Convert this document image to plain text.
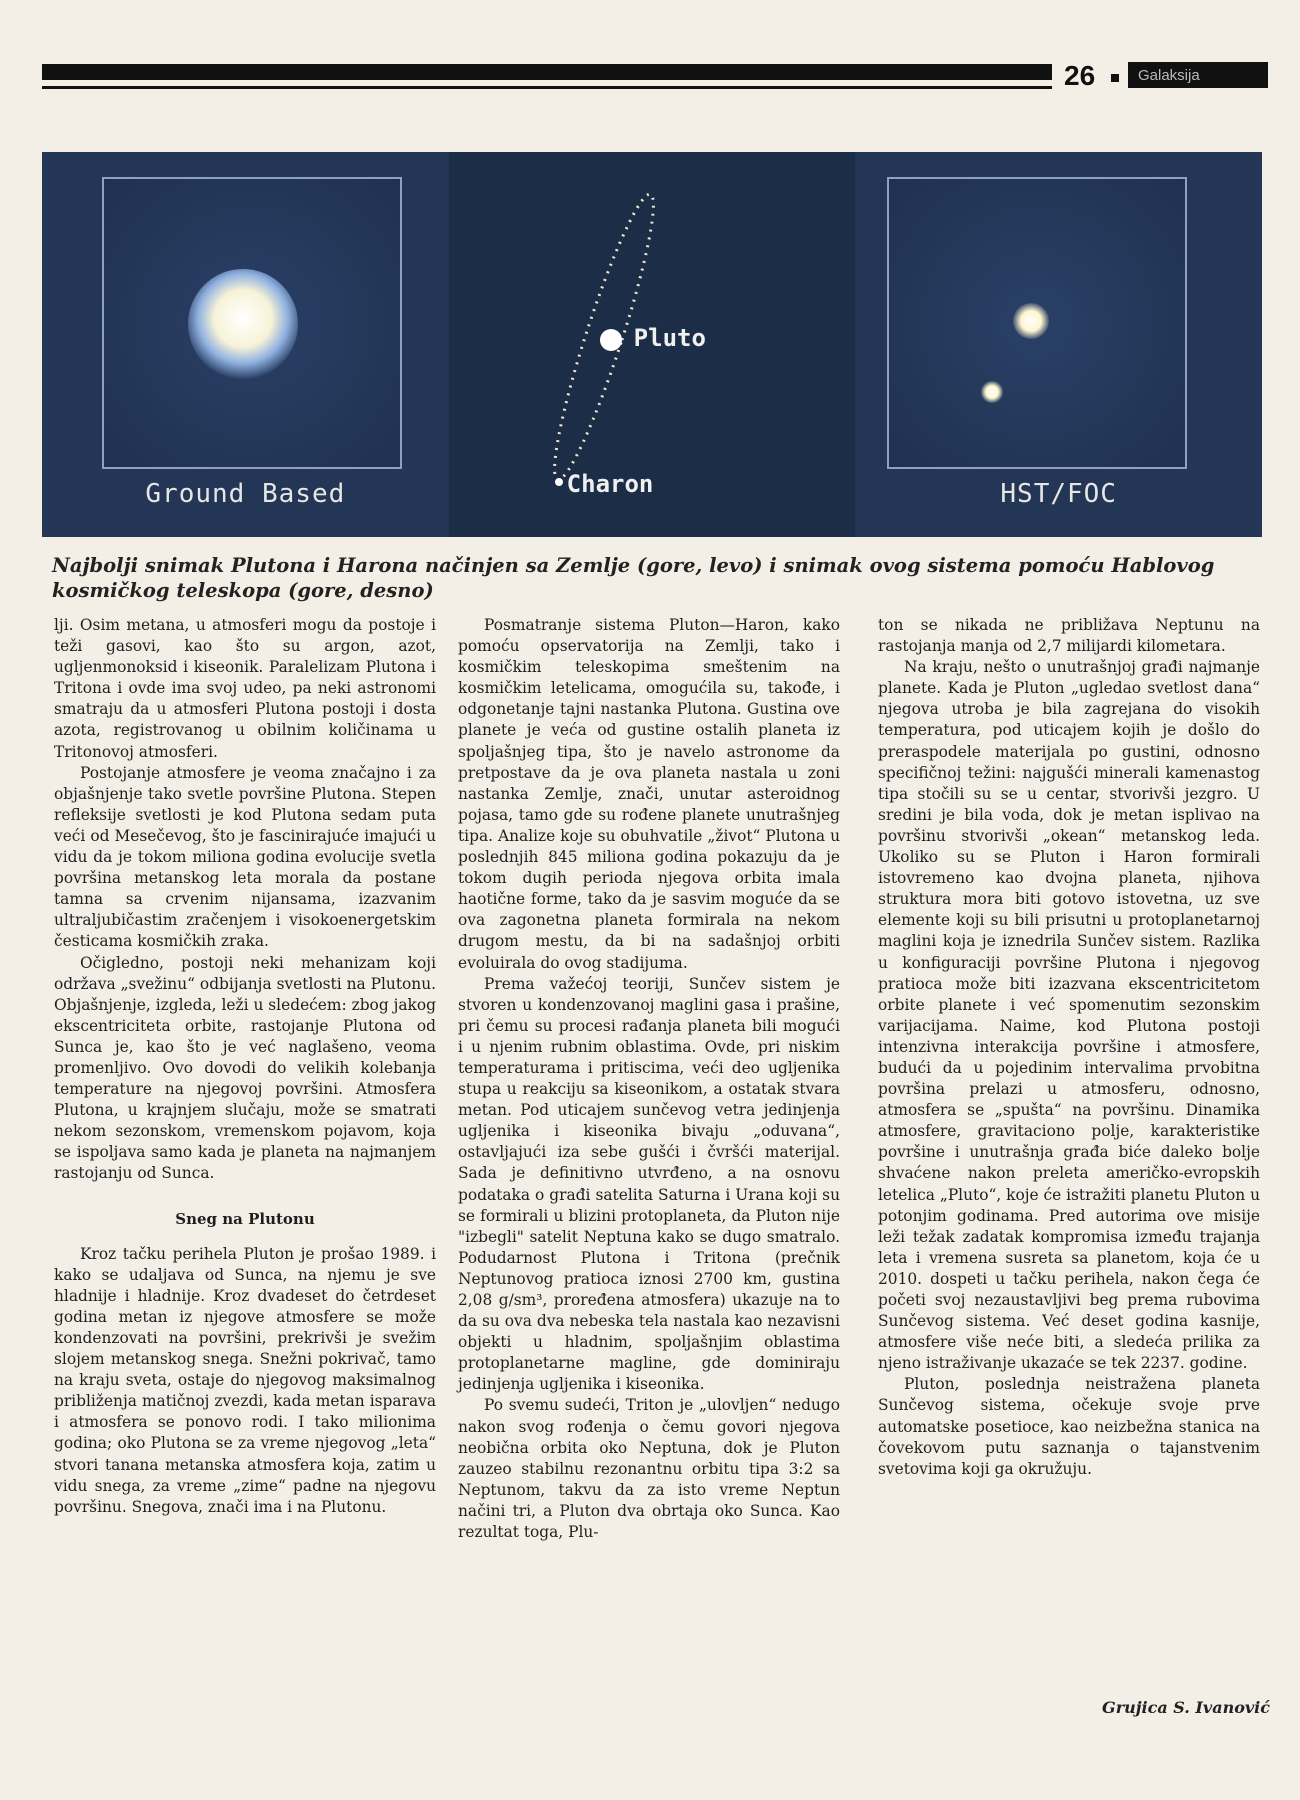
26	Galaksija
Ground Based
Pluto
Charon	HST/FOC
Najbolji snimak Plutona i Harona načinjen sa Zemlje (gore, levo) i snimak ovog sistema pomoću Hablovog kosmičkog teleskopa (gore, desno)

lji. Osim metana, u atmosferi mogu da postoje i teži gasovi, kao što su argon, azot, ugljenmonoksid i kiseonik. Paralelizam Plutona i Tritona i ovde ima svoj udeo, pa neki astronomi smatraju da u atmosferi Plutona postoji i dosta azota, registrovanog u obilnim količinama u Tritonovoj atmosferi.

Postojanje atmosfere je veoma značajno i za objašnjenje tako svetle površine Plutona. Stepen refleksije svetlosti je kod Plutona sedam puta veći od Mesečevog, što je fascinirajuće imajući u vidu da je tokom miliona godina evolucije svetla površina metanskog leta morala da postane tamna sa crvenim nijansama, izazvanim ultraljubičastim zračenjem i visokoenergetskim česticama kosmičkih zraka.

Očigledno, postoji neki mehanizam koji održava „svežinu“ odbijanja svetlosti na Plutonu. Objašnjenje, izgleda, leži u sledećem: zbog jakog ekscentriciteta orbite, rastojanje Plutona od Sunca je, kao što je već naglašeno, veoma promenljivo. Ovo dovodi do velikih kolebanja temperature na njegovoj površini. Atmosfera Plutona, u krajnjem slučaju, može se smatrati nekom sezonskom, vremenskom pojavom, koja se ispoljava samo kada je planeta na najmanjem rastojanju od Sunca.

Sneg na Plutonu

Kroz tačku perihela Pluton je prošao 1989. i kako se udaljava od Sunca, na njemu je sve hladnije i hladnije. Kroz dvadeset do četrdeset godina metan iz njegove atmosfere se može kondenzovati na površini, prekrivši je svežim slojem metanskog snega. Snežni pokrivač, tamo na kraju sveta, ostaje do njegovog maksimalnog približenja matičnoj zvezdi, kada metan isparava i atmosfera se ponovo rodi. I tako milionima godina; oko Plutona se za vreme njegovog „leta“ stvori tanana metanska atmosfera koja, zatim u vidu snega, za vreme „zime“ padne na njegovu površinu. Snegova, znači ima i na Plutonu.

Posmatranje sistema Pluton—Haron, kako pomoću opservatorija na Zemlji, tako i kosmičkim teleskopima smeštenim na kosmičkim letelicama, omogućila su, takođe, i odgonetanje tajni nastanka Plutona. Gustina ove planete je veća od gustine ostalih planeta iz spoljašnjeg tipa, što je navelo astronome da pretpostave da je ova planeta nastala u zoni nastanka Zemlje, znači, unutar asteroidnog pojasa, tamo gde su rođene planete unutrašnjeg tipa. Analize koje su obuhvatile „život“ Plutona u poslednjih 845 miliona godina pokazuju da je tokom dugih perioda njegova orbita imala haotične forme, tako da je sasvim moguće da se ova zagonetna planeta formirala na nekom drugom mestu, da bi na sadašnjoj orbiti evoluirala do ovog stadijuma.

Prema važećoj teoriji, Sunčev sistem je stvoren u kondenzovanoj maglini gasa i prašine, pri čemu su procesi rađanja planeta bili mogući i u njenim rubnim oblastima. Ovde, pri niskim temperaturama i pritiscima, veći deo ugljenika stupa u reakciju sa kiseonikom, a ostatak stvara metan. Pod uticajem sunčevog vetra jedinjenja ugljenika i kiseonika bivaju „oduvana“, ostavljajući iza sebe gušći i čvršći materijal. Sada je definitivno utvrđeno, a na osnovu podataka o građi satelita Saturna i Urana koji su se formirali u blizini protoplaneta, da Pluton nije "izbegli" satelit Neptuna kako se dugo smatralo. Podudarnost Plutona i Tritona (prečnik Neptunovog pratioca iznosi 2700 km, gustina 2,08 g/sm³, proređena atmosfera) ukazuje na to da su ova dva nebeska tela nastala kao nezavisni objekti u hladnim, spoljašnjim oblastima protoplanetarne magline, gde dominiraju jedinjenja ugljenika i kiseonika.

Po svemu sudeći, Triton je „ulovljen“ nedugo nakon svog rođenja o čemu govori njegova neobična orbita oko Neptuna, dok je Pluton zauzeo stabilnu rezonantnu orbitu tipa 3:2 sa Neptunom, takvu da za isto vreme Neptun načini tri, a Pluton dva obrtaja oko Sunca. Kao rezultat toga, Plu-

ton se nikada ne približava Neptunu na rastojanja manja od 2,7 milijardi kilometara.

Na kraju, nešto o unutrašnjoj građi najmanje planete. Kada je Pluton „ugledao svetlost dana“ njegova utroba je bila zagrejana do visokih temperatura, pod uticajem kojih je došlo do preraspodele materijala po gustini, odnosno specifičnoj težini: najgušći minerali kamenastog tipa stočili su se u centar, stvorivši jezgro. U sredini je bila voda, dok je metan isplivao na površinu stvorivši „okean“ metanskog leda. Ukoliko su se Pluton i Haron formirali istovremeno kao dvojna planeta, njihova struktura mora biti gotovo istovetna, uz sve elemente koji su bili prisutni u protoplanetarnoj maglini koja je iznedrila Sunčev sistem. Razlika u konfiguraciji površine Plutona i njegovog pratioca može biti izazvana ekscentricitetom orbite planete i već spomenutim sezonskim varijacijama. Naime, kod Plutona postoji intenzivna interakcija površine i atmosfere, budući da u pojedinim intervalima prvobitna površina prelazi u atmosferu, odnosno, atmosfera se „spušta“ na površinu. Dinamika atmosfere, gravitaciono polje, karakteristike površine i unutrašnja građa biće daleko bolje shvaćene nakon preleta američko-evropskih letelica „Pluto“, koje će istražiti planetu Pluton u potonjim godinama. Pred autorima ove misije leži težak zadatak kompromisa između trajanja leta i vremena susreta sa planetom, koja će u 2010. dospeti u tačku perihela, nakon čega će početi svoj nezaustavljivi beg prema rubovima Sunčevog sistema. Već deset godina kasnije, atmosfere više neće biti, a sledeća prilika za njeno istraživanje ukazaće se tek 2237. godine.

Pluton, poslednja neistražena planeta Sunčevog sistema, očekuje svoje prve automatske posetioce, kao neizbežna stanica na čovekovom putu saznanja o tajanstvenim svetovima koji ga okružuju.

Grujica S. Ivanović
